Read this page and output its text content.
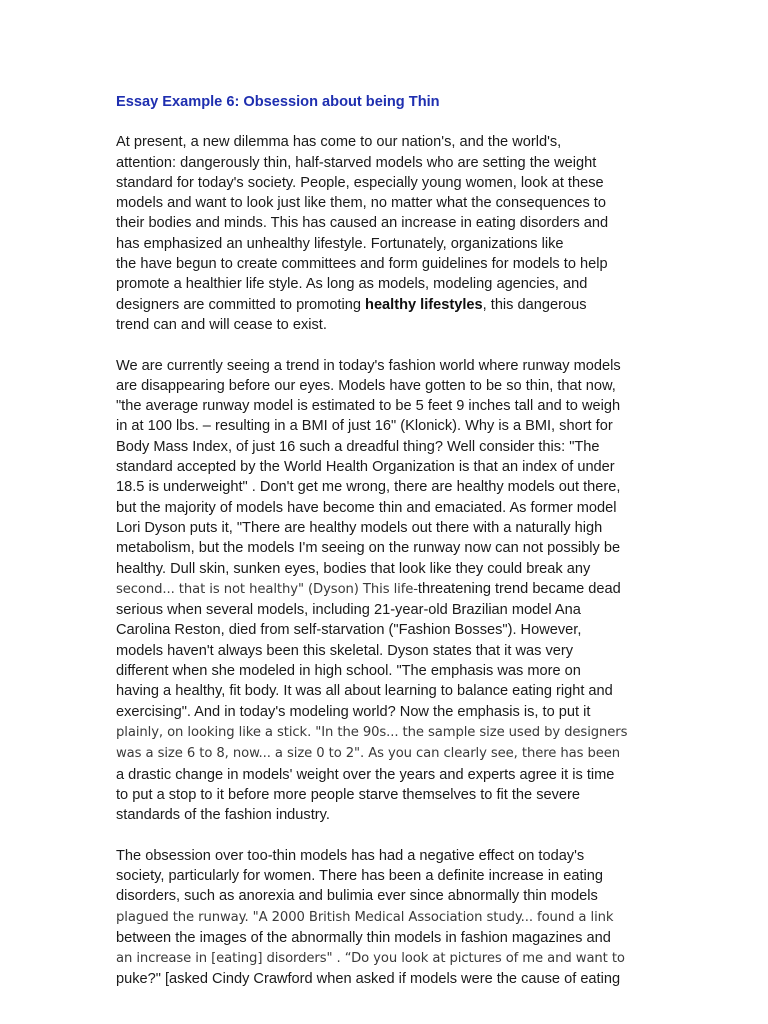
Essay Example 6: Obsession about being Thin
At present, a new dilemma has come to our nation's, and the world's,
attention: dangerously thin, half-starved models who are setting the weight
standard for today's society. People, especially young women, look at these
models and want to look just like them, no matter what the consequences to
their bodies and minds. This has caused an increase in eating disorders and
has emphasized an unhealthy lifestyle. Fortunately, organizations like
the have begun to create committees and form guidelines for models to help
promote a healthier life style. As long as models, modeling agencies, and
designers are committed to promoting healthy lifestyles, this dangerous
trend can and will cease to exist.
We are currently seeing a trend in today's fashion world where runway models
are disappearing before our eyes. Models have gotten to be so thin, that now,
"the average runway model is estimated to be 5 feet 9 inches tall and to weigh
in at 100 lbs. – resulting in a BMI of just 16" (Klonick). Why is a BMI, short for
Body Mass Index, of just 16 such a dreadful thing? Well consider this: "The
standard accepted by the World Health Organization is that an index of under
18.5 is underweight" . Don't get me wrong, there are healthy models out there,
but the majority of models have become thin and emaciated. As former model
Lori Dyson puts it, "There are healthy models out there with a naturally high
metabolism, but the models I'm seeing on the runway now can not possibly be
healthy. Dull skin, sunken eyes, bodies that look like they could break any
second... that is not healthy" (Dyson) This life-threatening trend became dead
serious when several models, including 21-year-old Brazilian model Ana
Carolina Reston, died from self-starvation ("Fashion Bosses"). However,
models haven't always been this skeletal. Dyson states that it was very
different when she modeled in high school. "The emphasis was more on
having a healthy, fit body. It was all about learning to balance eating right and
exercising". And in today's modeling world? Now the emphasis is, to put it
plainly, on looking like a stick. "In the 90s... the sample size used by designers
was a size 6 to 8, now... a size 0 to 2". As you can clearly see, there has been
a drastic change in models' weight over the years and experts agree it is time
to put a stop to it before more people starve themselves to fit the severe
standards of the fashion industry.
The obsession over too-thin models has had a negative effect on today's
society, particularly for women. There has been a definite increase in eating
disorders, such as anorexia and bulimia ever since abnormally thin models
plagued the runway. "A 2000 British Medical Association study... found a link
between the images of the abnormally thin models in fashion magazines and
an increase in [eating] disorders" . “Do you look at pictures of me and want to
puke?" [asked Cindy Crawford when asked if models were the cause of eating
